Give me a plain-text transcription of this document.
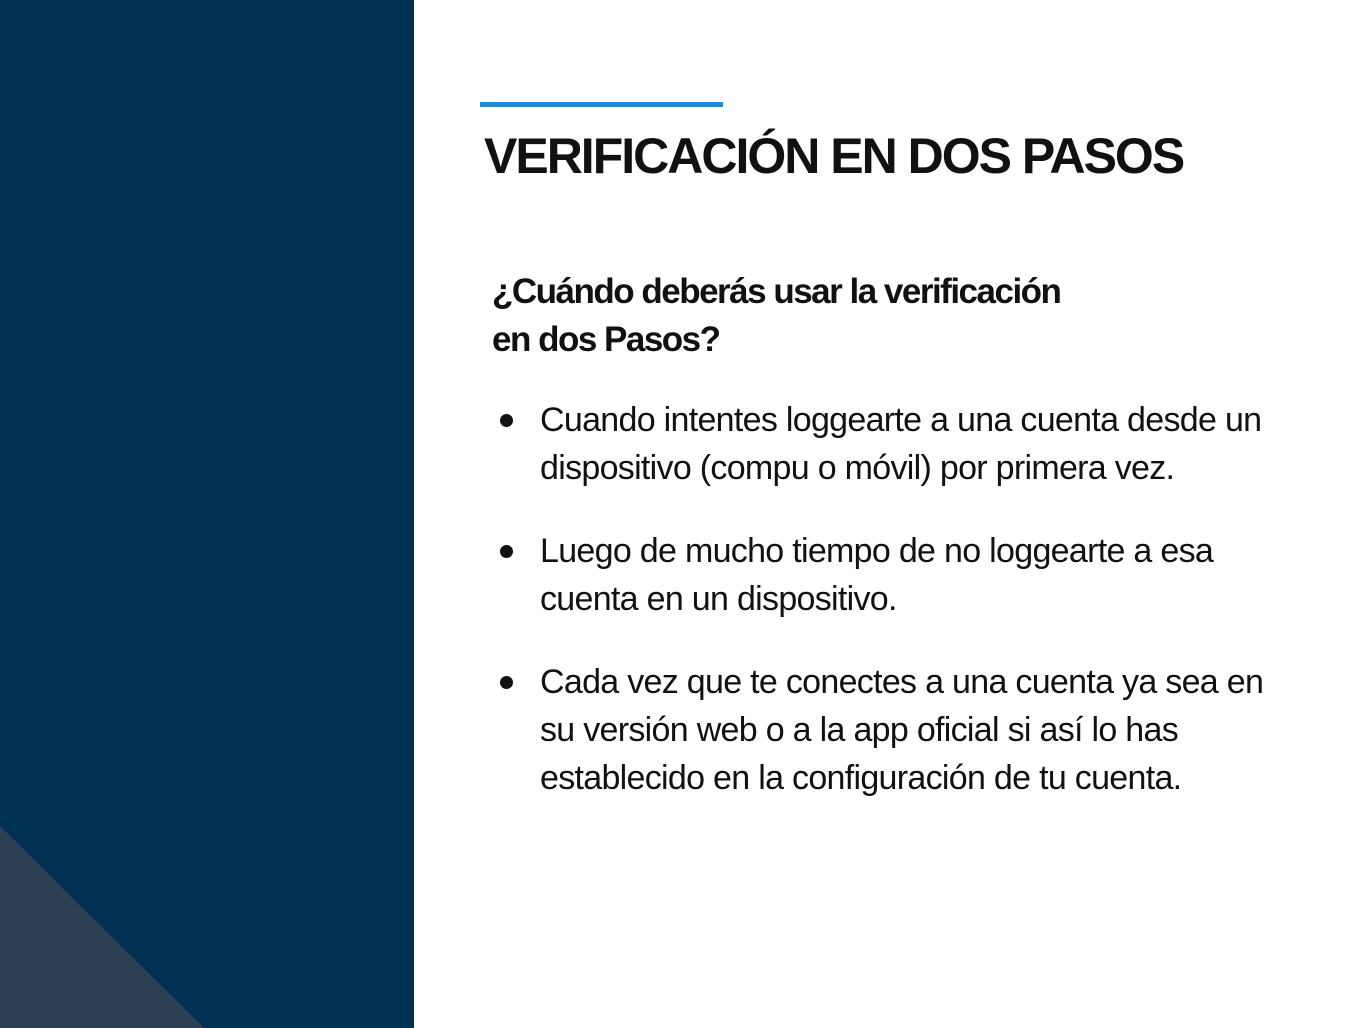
VERIFICACIÓN EN DOS PASOS
¿Cuándo deberás usar la verificación
en dos Pasos?
Cuando intentes loggearte a una cuenta desde un dispositivo (compu o móvil) por primera vez.
Luego de mucho tiempo de no loggearte a esa cuenta en un dispositivo.
Cada vez que te conectes a una cuenta ya sea en su versión web o a la app oficial si así lo has establecido en la configuración de tu cuenta.
